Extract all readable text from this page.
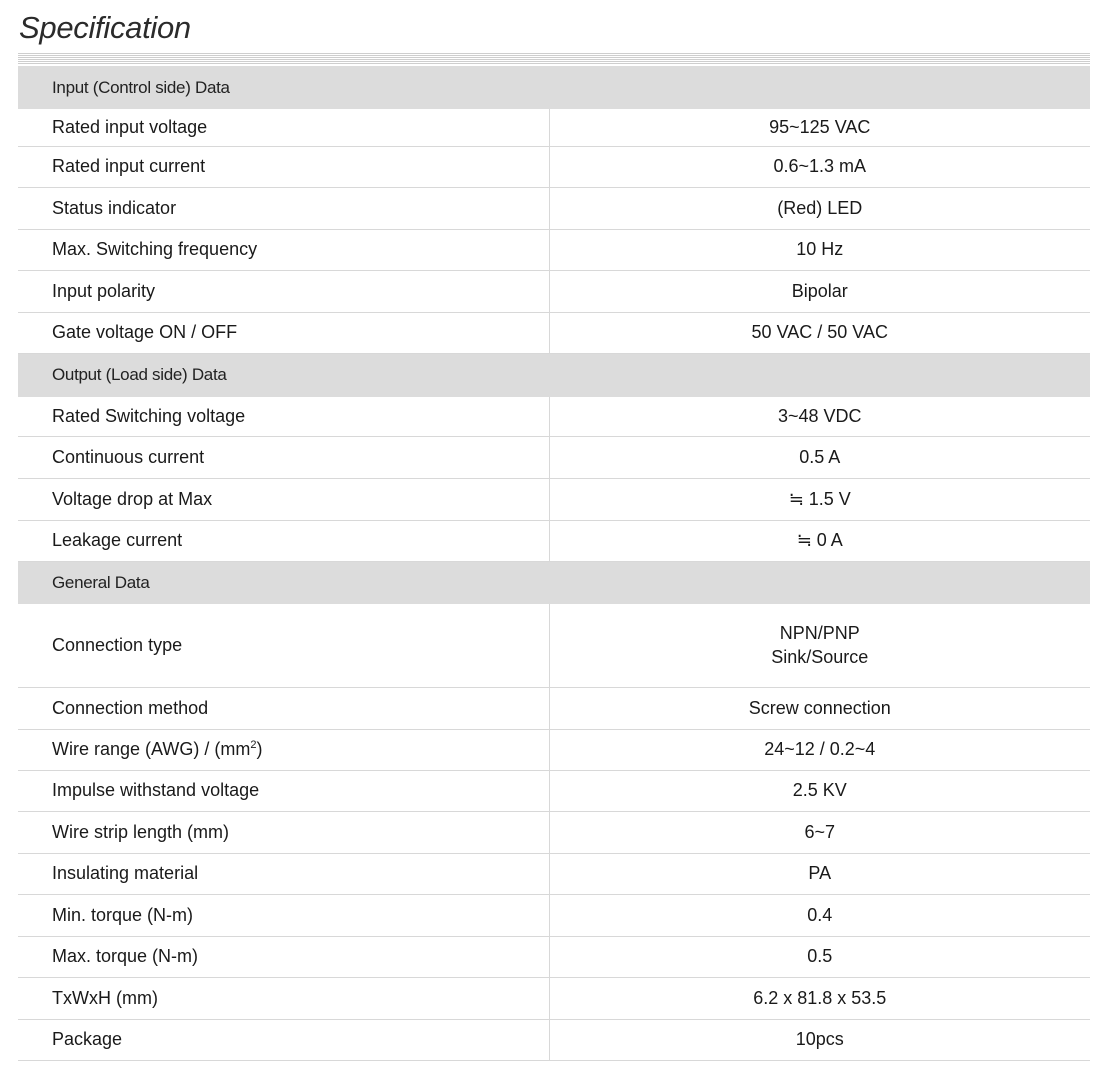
Specification
Input (Control side) Data	
Rated input voltage	95~125 VAC
Rated input current	0.6~1.3 mA
Status indicator	(Red) LED
Max. Switching frequency	10 Hz
Input polarity	Bipolar
Gate voltage ON / OFF	50 VAC / 50 VAC
Output (Load side) Data	
Rated Switching voltage	3~48 VDC
Continuous current	0.5 A
Voltage drop at Max	≒ 1.5 V
Leakage current	≒ 0 A
General Data	
Connection type	NPN/PNP
Sink/Source

Connection method	Screw connection
Wire range $(AWG) / (mm^2)$	24~12 / 0.2~4
Impulse withstand voltage	2.5 KV
Wire strip length (mm)	6~7
Insulating material	PA
Min. torque (N-m)	0.4
Max. torque (N-m)	0.5
TxWxH (mm)	6.2 x 81.8 x 53.5
Package	10pcs
